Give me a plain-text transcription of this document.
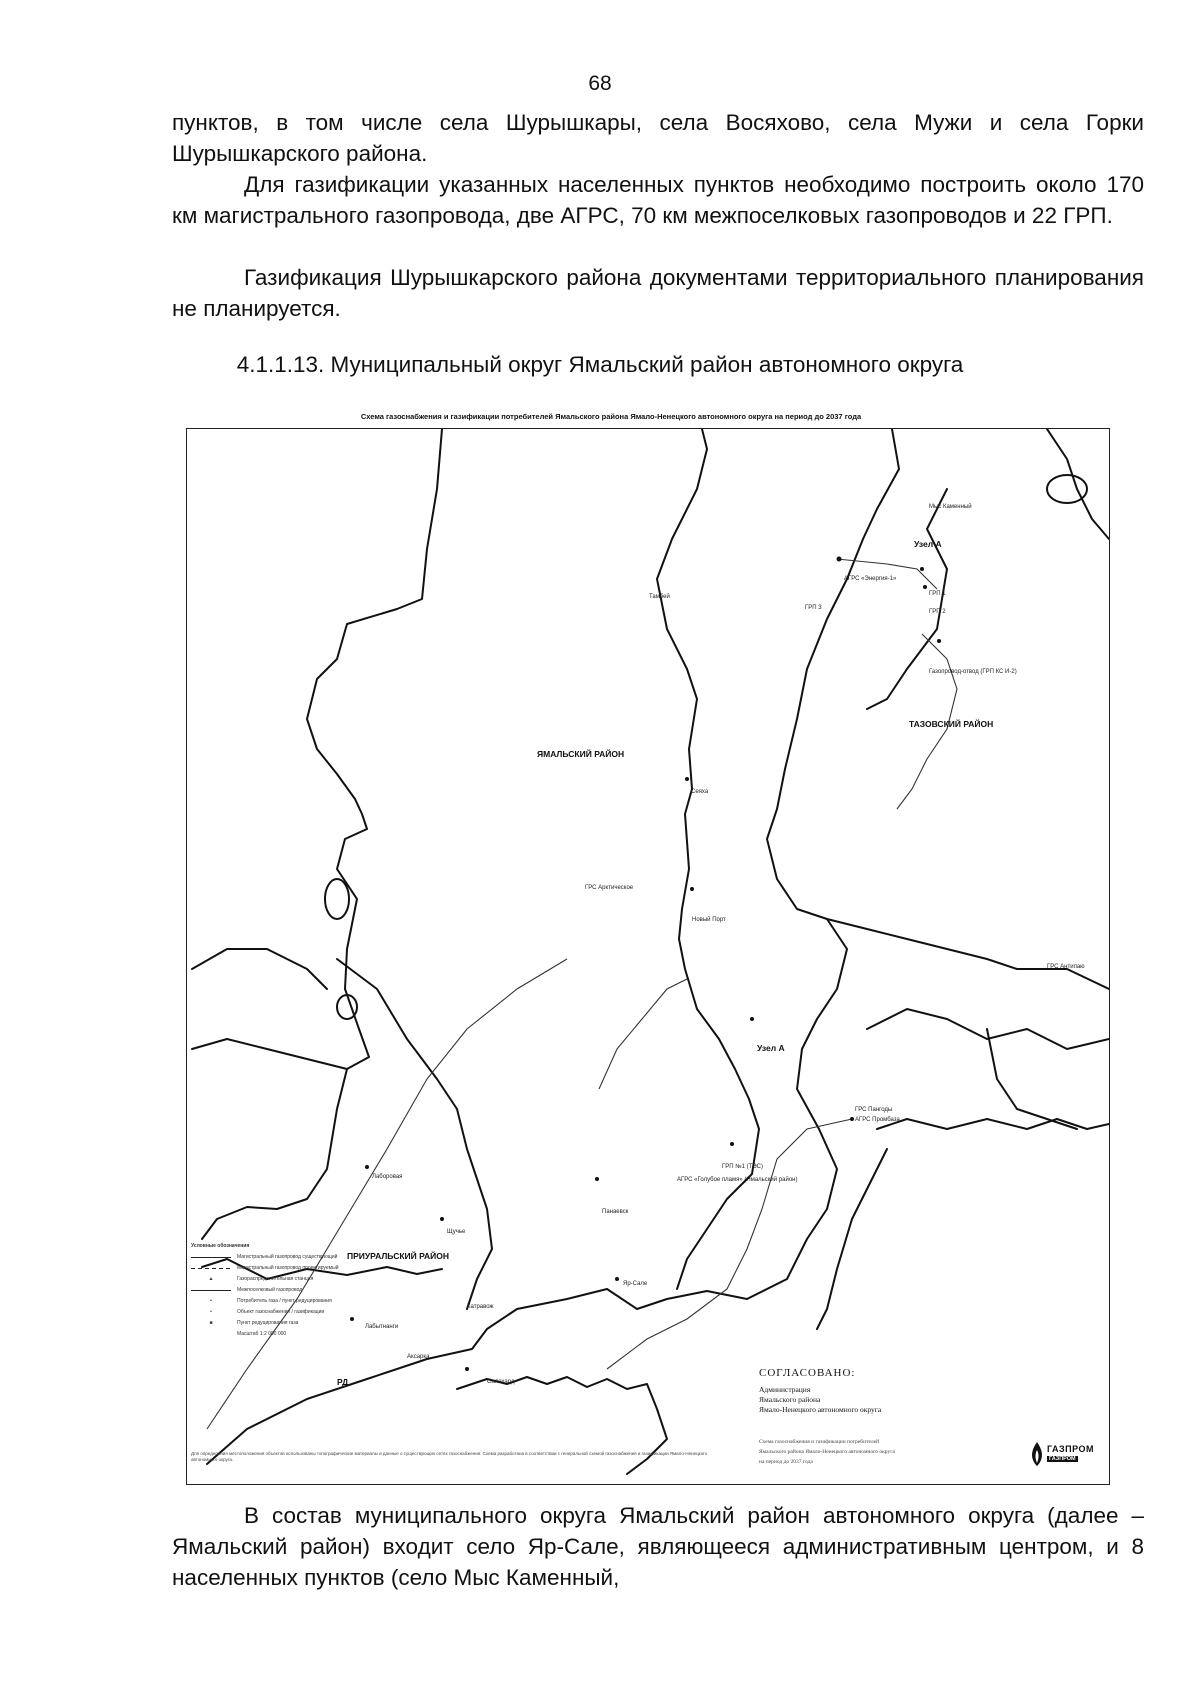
68

пунктов, в том числе села Шурышкары, села Восяхово, села Мужи и села Горки Шурышкарского района.

Для газификации указанных населенных пунктов необходимо построить около 170 км магистрального газопровода, две АГРС, 70 км межпоселковых газопроводов и 22 ГРП.

Газификация Шурышкарского района документами территориального планирования не планируется.

4.1.1.13. Муниципальный округ Ямальский район автономного округа

Схема газоснабжения и газификации потребителей Ямальского района Ямало-Ненецкого автономного округа на период до 2037 года
ЯМАЛЬСКИЙ РАЙОН
ТАЗОВСКИЙ РАЙОН
ПРИУРАЛЬСКИЙ РАЙОН
Узел А
Узел А
АГРС «Энергия-1»
ГРП 1
ГРП 2
ГРП 3
Тамбей
Газопровод-отвод (ГРП КС И-2)
Мыс Каменный
Сеяха
ГРС Арктическое
Новый Порт
ГРС Антипаю
ГРС Пангоды
АГРС Промбаза
ГРП №1 (ТЭС)
АГРС «Голубое пламя» (Ямальский район)
Панаевск
Яр-Сале
Лабытнанги
Аксарка
Салехард
Щучье
Лаборовая
Катравож
РД
Условные обозначения
Магистральный газопровод существующий
Магистральный газопровод проектируемый
▲	Газораспределительная станция
Межпоселковый газопровод
•	Потребитель газа / пункт редуцирования
•	Объект газоснабжения / газификации
■	Пункт редуцирования газа
Масштаб 1:2 000 000
СОГЛАСОВАНО:
Администрация
Ямальского района
Ямало-Ненецкого автономного округа
Схема газоснабжения и газификации потребителей
Ямальского района Ямало-Ненецкого автономного округа
на период до 2037 года
ГАЗПРОМ
ГАЗПРОМ
Для определения местоположения объектов использованы топографические материалы и данные о существующих сетях газоснабжения. Схема разработана в соответствии с генеральной схемой газоснабжения и газификации Ямало-Ненецкого автономного округа.

В состав муниципального округа Ямальский район автономного округа (далее – Ямальский район) входит село Яр-Сале, являющееся административным центром, и 8 населенных пунктов (село Мыс Каменный,
